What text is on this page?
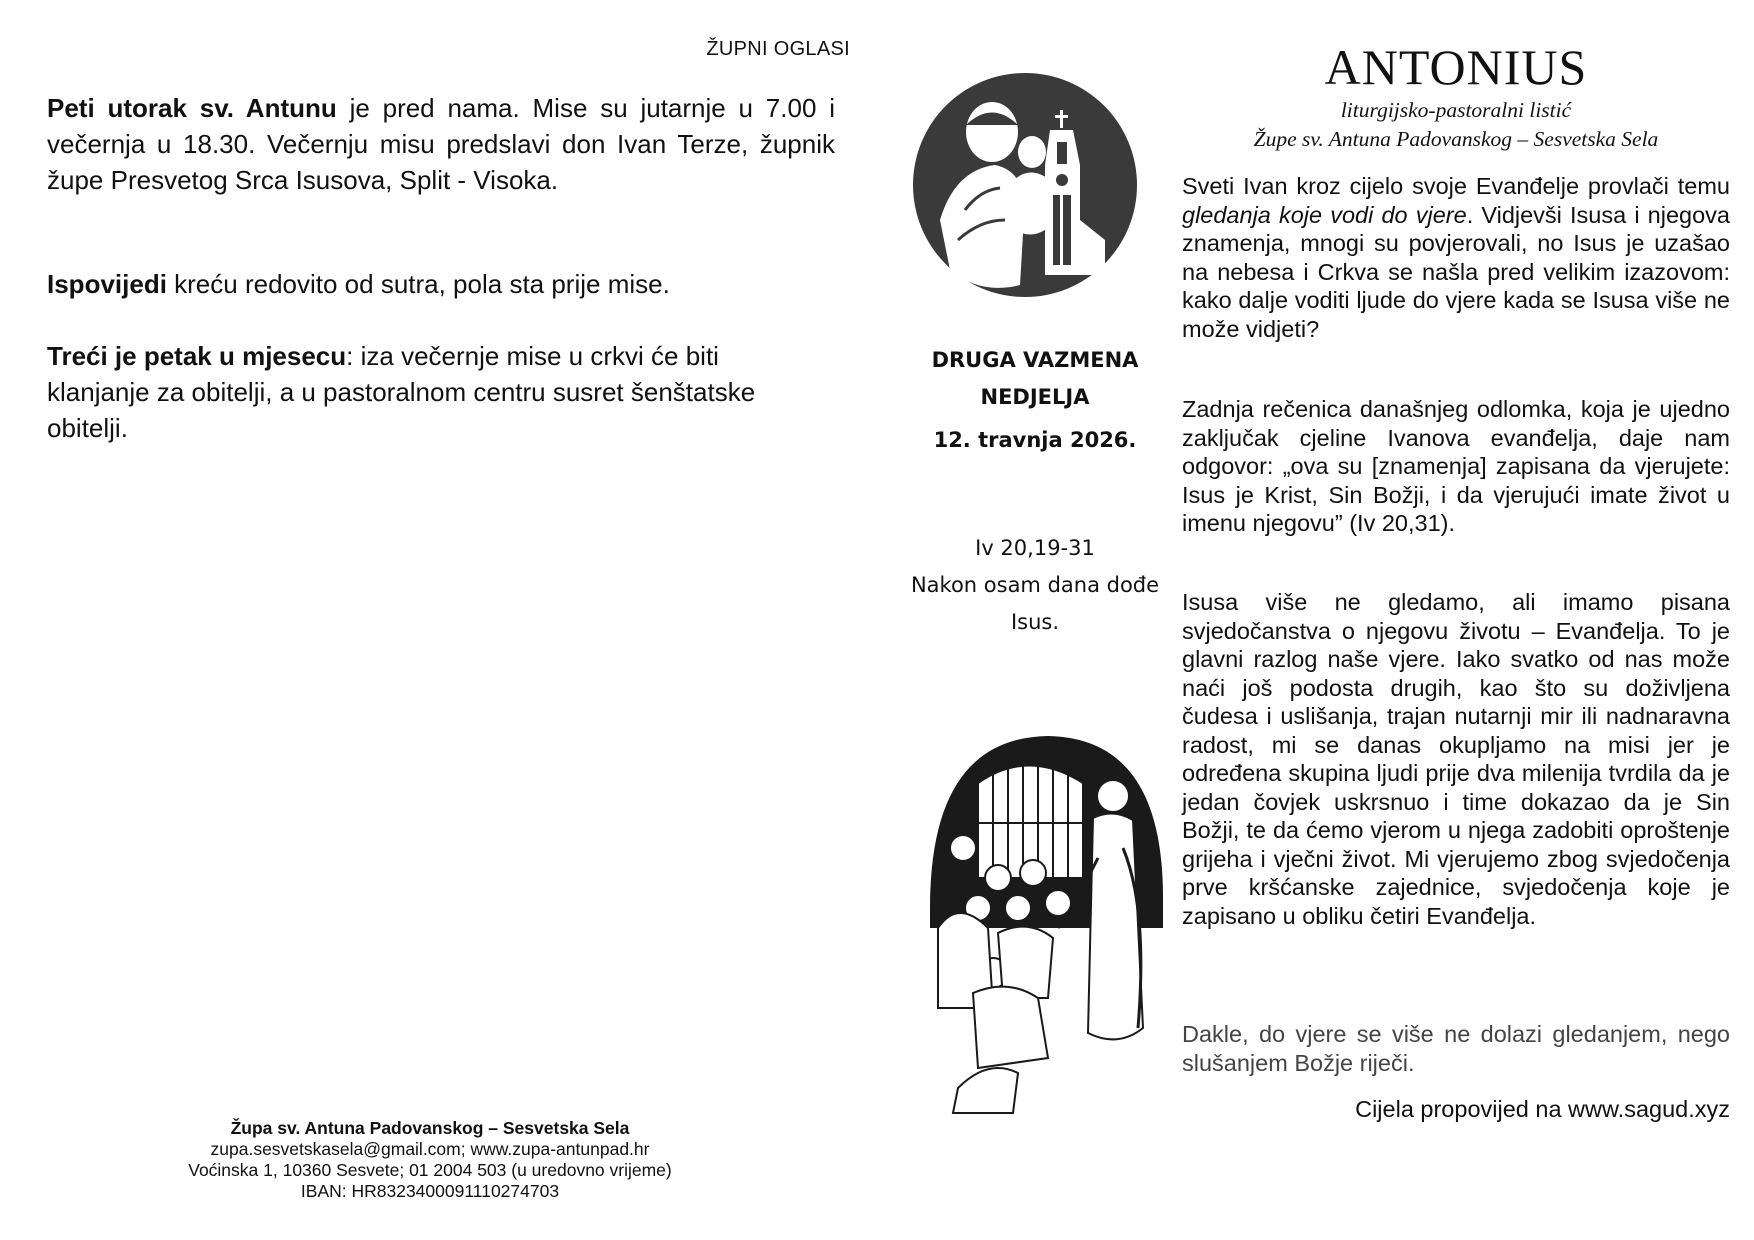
ŽUPNI OGLASI
Peti utorak sv. Antunu je pred nama. Mise su jutarnje u 7.00 i večernja u 18.30. Večernju misu predslavi don Ivan Terze, župnik župe Presvetog Srca Isusova, Split - Visoka.
Ispovijedi kreću redovito od sutra, pola sta prije mise.
Treći je petak u mjesecu: iza večernje mise u crkvi će biti klanjanje za obitelji, a u pastoralnom centru susret šenštatske obitelji.
Župa sv. Antuna Padovanskog – Sesvetska Sela
zupa.sesvetskasela@gmail.com; www.zupa-antunpad.hr
Voćinska 1, 10360 Sesvete; 01 2004 503 (u uredovno vrijeme)
IBAN: HR8323400091110274703
DRUGA VAZMENA NEDJELJA
12. travnja 2026.
Iv 20,19-31
Nakon osam dana dođe Isus.
ANTONIUS
liturgijsko-pastoralni listić
Župe sv. Antuna Padovanskog – Sesvetska Sela
Sveti Ivan kroz cijelo svoje Evanđelje provlači temu gledanja koje vodi do vjere. Vidjevši Isusa i njegova znamenja, mnogi su povjerovali, no Isus je uzašao na nebesa i Crkva se našla pred velikim izazovom: kako dalje voditi ljude do vjere kada se Isusa više ne može vidjeti?
Zadnja rečenica današnjeg odlomka, koja je ujedno zaključak cjeline Ivanova evanđelja, daje nam odgovor: „ova su [znamenja] zapisana da vjerujete: Isus je Krist, Sin Božji, i da vjerujući imate život u imenu njegovu” (Iv 20,31).
Isusa više ne gledamo, ali imamo pisana svjedočanstva o njegovu životu – Evanđelja. To je glavni razlog naše vjere. Iako svatko od nas može naći još podosta drugih, kao što su doživljena čudesa i uslišanja, trajan nutarnji mir ili nadnaravna radost, mi se danas okupljamo na misi jer je određena skupina ljudi prije dva milenija tvrdila da je jedan čovjek uskrsnuo i time dokazao da je Sin Božji, te da ćemo vjerom u njega zadobiti oproštenje grijeha i vječni život. Mi vjerujemo zbog svjedočenja prve kršćanske zajednice, svjedočenja koje je zapisano u obliku četiri Evanđelja.
Dakle, do vjere se više ne dolazi gledanjem, nego slušanjem Božje riječi.
Cijela propovijed na www.sagud.xyz
